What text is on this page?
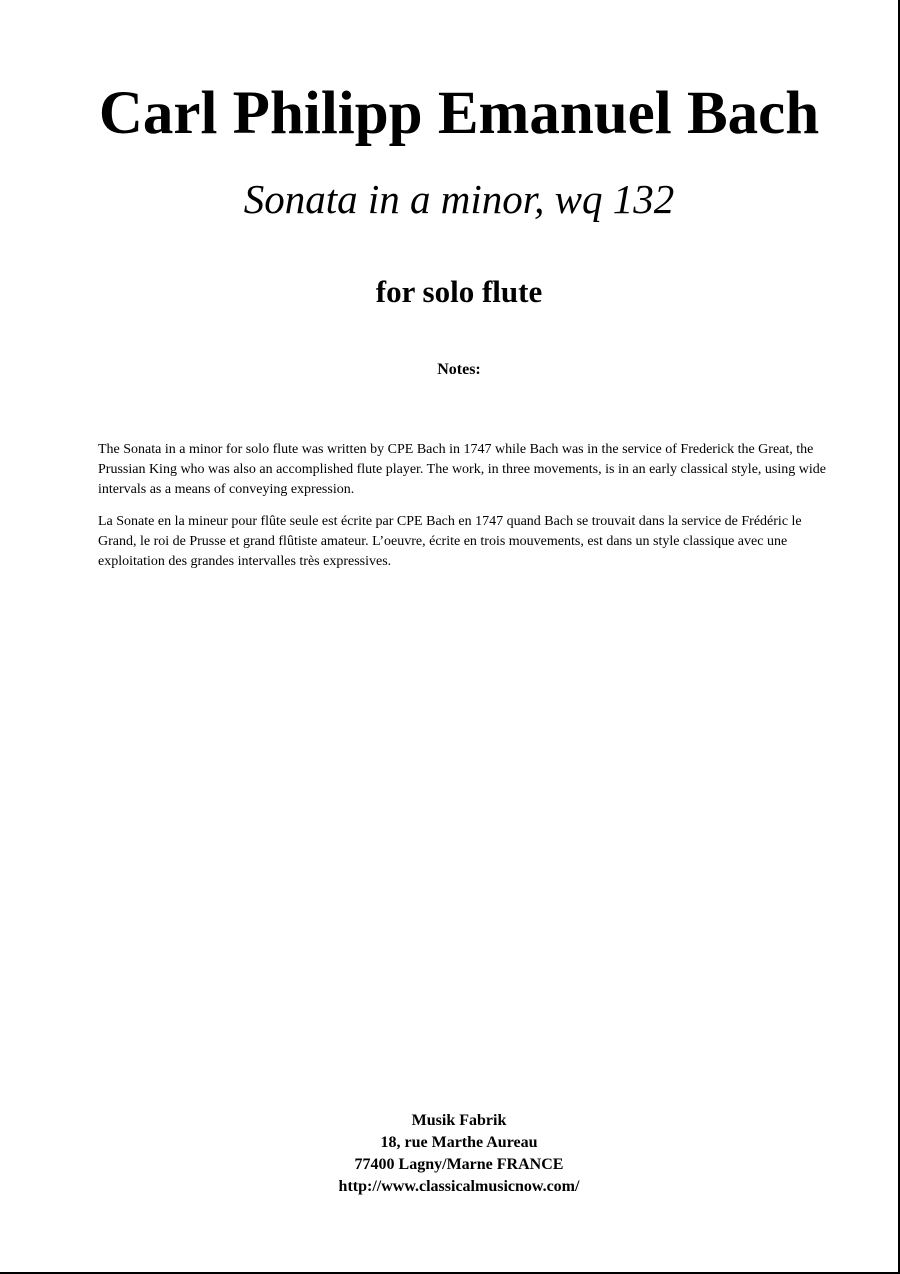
Carl Philipp Emanuel Bach
Sonata in a minor, wq 132
for solo flute
Notes:

The Sonata in a minor for solo flute was written by CPE Bach in 1747 while Bach was in the service of Frederick the Great, the Prussian King who was also an accomplished flute player. The work, in three movements, is in an early classical style, using wide intervals as a means of conveying expression.

La Sonate en la mineur pour flûte seule est écrite par CPE Bach en 1747 quand Bach se trouvait dans la service de Frédéric le Grand, le roi de Prusse et grand flûtiste amateur. L’oeuvre, écrite en trois mouvements, est dans un style classique avec une exploitation des grandes intervalles très expressives.

Musik Fabrik
18, rue Marthe Aureau
77400 Lagny/Marne FRANCE
http://www.classicalmusicnow.com/
